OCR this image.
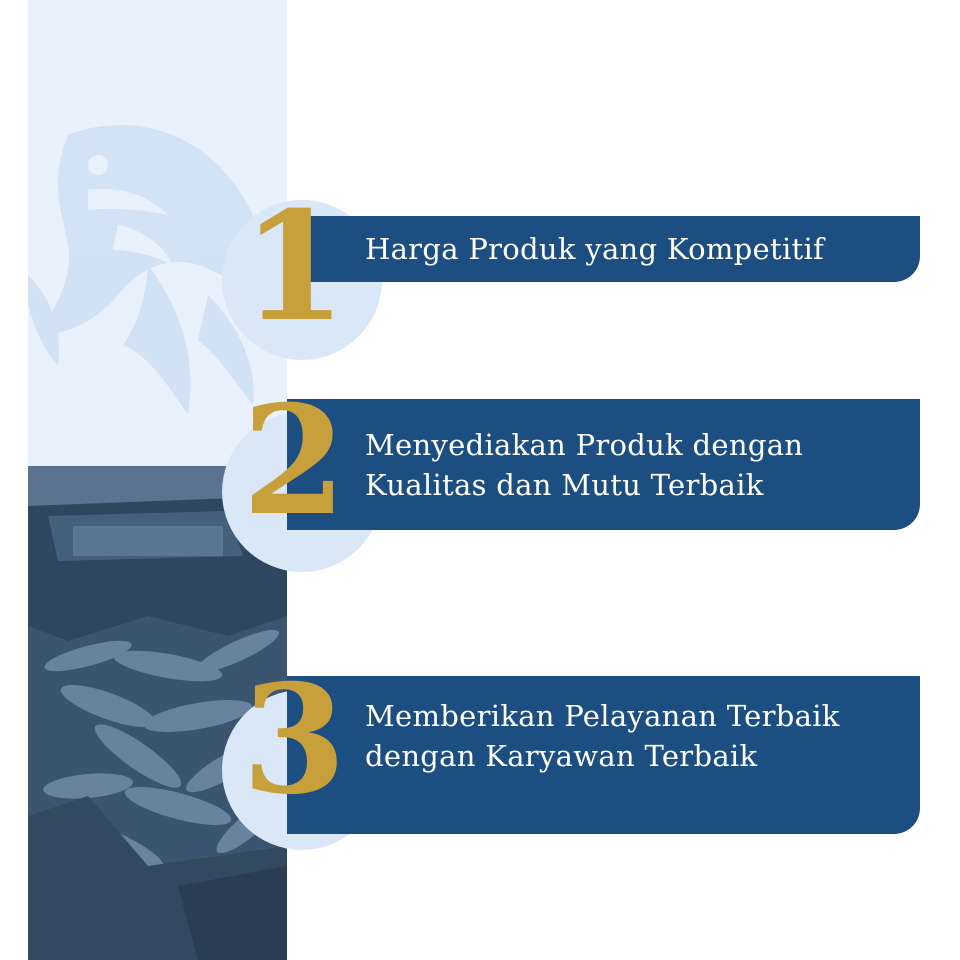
Harga Produk yang Kompetitif
1
Menyediakan Produk dengan
Kualitas dan Mutu Terbaik
2
Memberikan Pelayanan Terbaik
dengan Karyawan Terbaik
3
